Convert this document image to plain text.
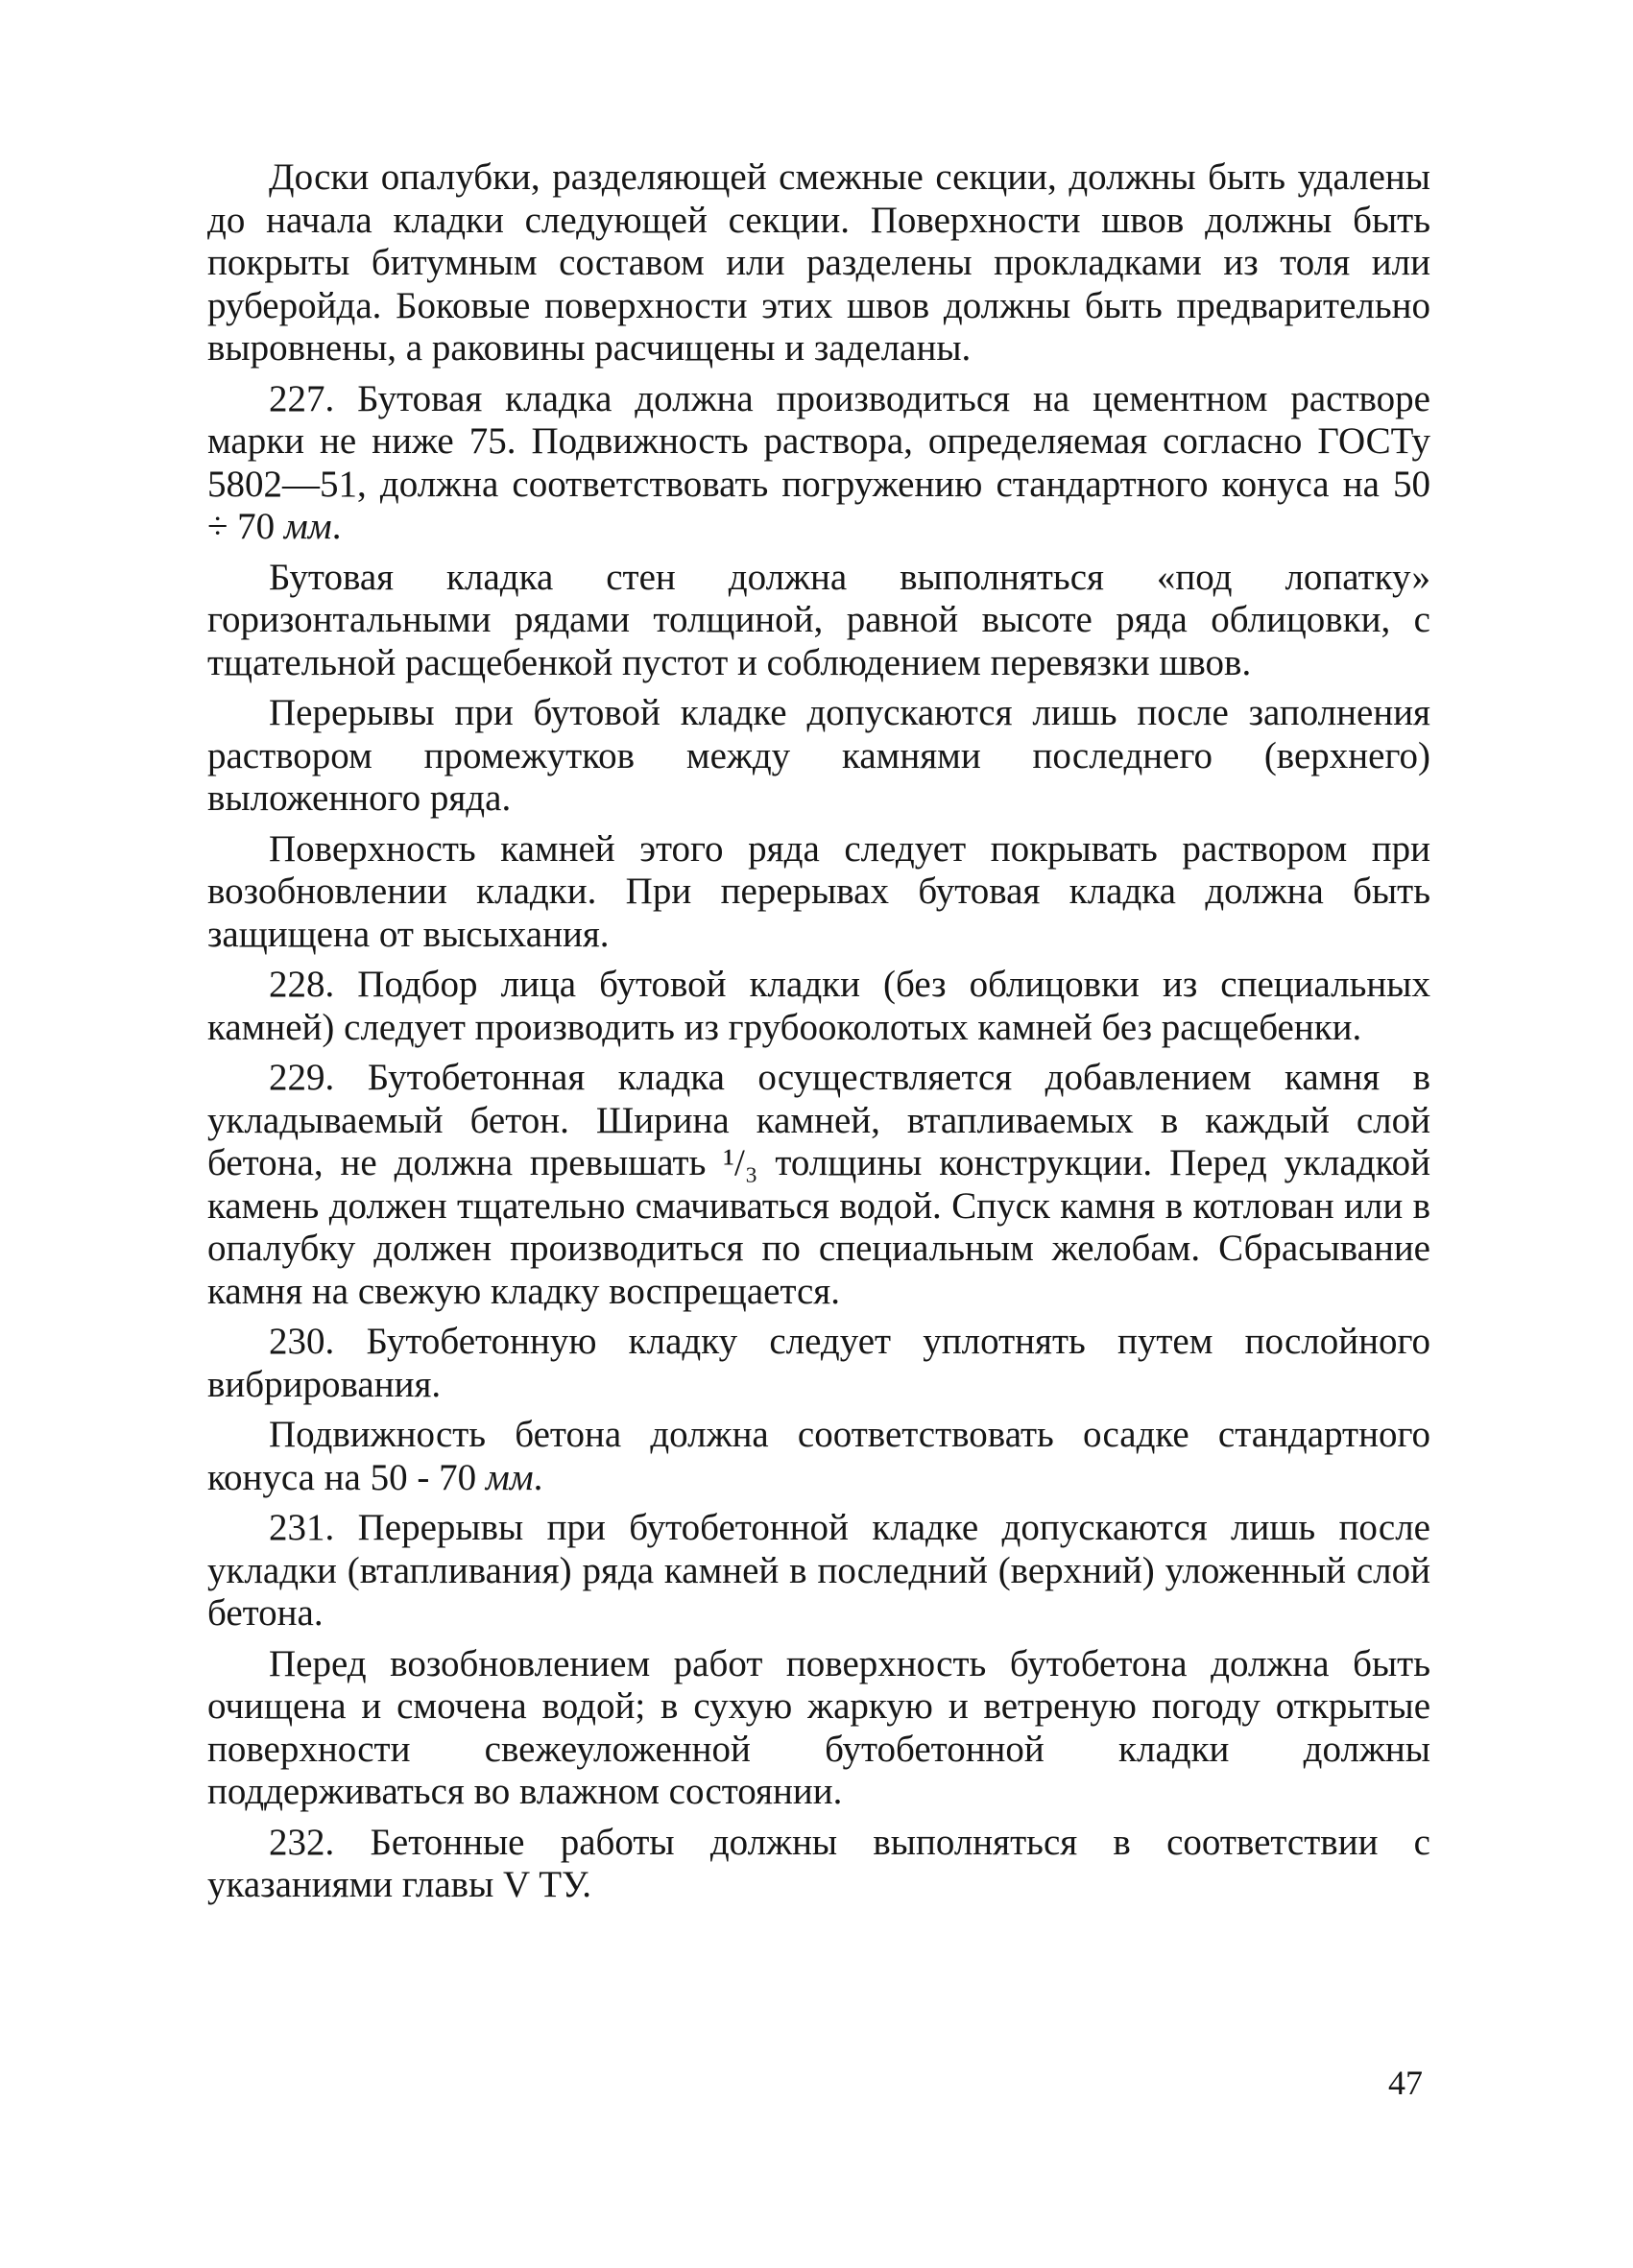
Доски опалубки, разделяющей смежные секции, должны быть удалены до начала кладки следующей секции. Поверхности швов должны быть покрыты битумным составом или разделены прокладками из толя или руберойда. Боковые поверхности этих швов должны быть предварительно выровнены, а раковины расчищены и заделаны.

227. Бутовая кладка должна производиться на цементном растворе марки не ниже 75. Подвижность раствора, определяемая согласно ГОСТу 5802—51, должна соответствовать погружению стандартного конуса на 50 ÷ 70 мм.

Бутовая кладка стен должна выполняться «под лопатку» горизонтальными рядами толщиной, равной высоте ряда облицовки, с тщательной расщебенкой пустот и соблюдением перевязки швов.

Перерывы при бутовой кладке допускаются лишь после заполнения раствором промежутков между камнями последнего (верхнего) выложенного ряда.

Поверхность камней этого ряда следует покрывать раствором при возобновлении кладки. При перерывах бутовая кладка должна быть защищена от высыхания.

228. Подбор лица бутовой кладки (без облицовки из специальных камней) следует производить из грубооколотых камней без расщебенки.

229. Бутобетонная кладка осуществляется добавлением камня в укладываемый бетон. Ширина камней, втапливаемых в каждый слой бетона, не должна превышать ¹/₃ толщины конструкции. Перед укладкой камень должен тщательно смачиваться водой. Спуск камня в котлован или в опалубку должен производиться по специальным желобам. Сбрасывание камня на свежую кладку воспрещается.

230. Бутобетонную кладку следует уплотнять путем послойного вибрирования.

Подвижность бетона должна соответствовать осадке стандартного конуса на 50 - 70 мм.

231. Перерывы при бутобетонной кладке допускаются лишь после укладки (втапливания) ряда камней в последний (верхний) уложенный слой бетона.

Перед возобновлением работ поверхность бутобетона должна быть очищена и смочена водой; в сухую жаркую и ветреную погоду открытые поверхности свежеуложенной бутобетонной кладки должны поддерживаться во влажном состоянии.

232. Бетонные работы должны выполняться в соответствии с указаниями главы V ТУ.

47
